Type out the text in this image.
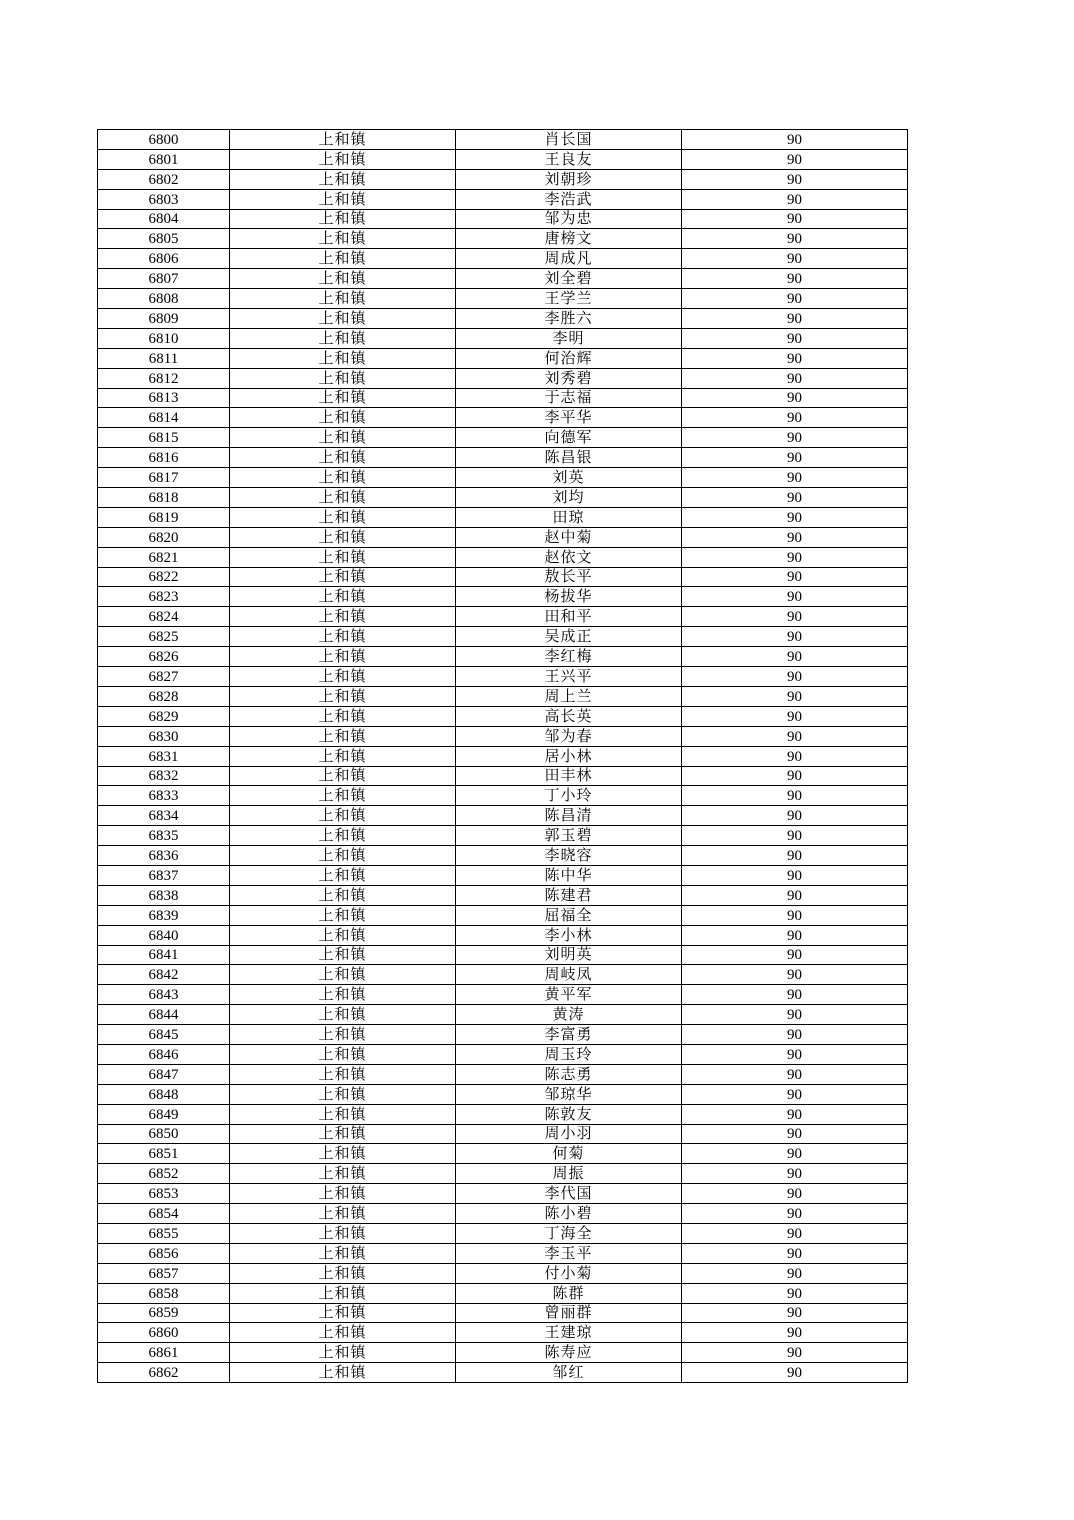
6800	上和镇	肖长国	90
6801	上和镇	王良友	90
6802	上和镇	刘朝珍	90
6803	上和镇	李浩武	90
6804	上和镇	邹为忠	90
6805	上和镇	唐榜文	90
6806	上和镇	周成凡	90
6807	上和镇	刘全碧	90
6808	上和镇	王学兰	90
6809	上和镇	李胜六	90
6810	上和镇	李明	90
6811	上和镇	何治辉	90
6812	上和镇	刘秀碧	90
6813	上和镇	于志福	90
6814	上和镇	李平华	90
6815	上和镇	向德军	90
6816	上和镇	陈昌银	90
6817	上和镇	刘英	90
6818	上和镇	刘均	90
6819	上和镇	田琼	90
6820	上和镇	赵中菊	90
6821	上和镇	赵依文	90
6822	上和镇	敖长平	90
6823	上和镇	杨拔华	90
6824	上和镇	田和平	90
6825	上和镇	吴成正	90
6826	上和镇	李红梅	90
6827	上和镇	王兴平	90
6828	上和镇	周上兰	90
6829	上和镇	高长英	90
6830	上和镇	邹为春	90
6831	上和镇	居小林	90
6832	上和镇	田丰林	90
6833	上和镇	丁小玲	90
6834	上和镇	陈昌清	90
6835	上和镇	郭玉碧	90
6836	上和镇	李晓容	90
6837	上和镇	陈中华	90
6838	上和镇	陈建君	90
6839	上和镇	屈福全	90
6840	上和镇	李小林	90
6841	上和镇	刘明英	90
6842	上和镇	周岐凤	90
6843	上和镇	黄平军	90
6844	上和镇	黄涛	90
6845	上和镇	李富勇	90
6846	上和镇	周玉玲	90
6847	上和镇	陈志勇	90
6848	上和镇	邹琼华	90
6849	上和镇	陈敦友	90
6850	上和镇	周小羽	90
6851	上和镇	何菊	90
6852	上和镇	周振	90
6853	上和镇	李代国	90
6854	上和镇	陈小碧	90
6855	上和镇	丁海全	90
6856	上和镇	李玉平	90
6857	上和镇	付小菊	90
6858	上和镇	陈群	90
6859	上和镇	曾丽群	90
6860	上和镇	王建琼	90
6861	上和镇	陈寿应	90
6862	上和镇	邹红	90
